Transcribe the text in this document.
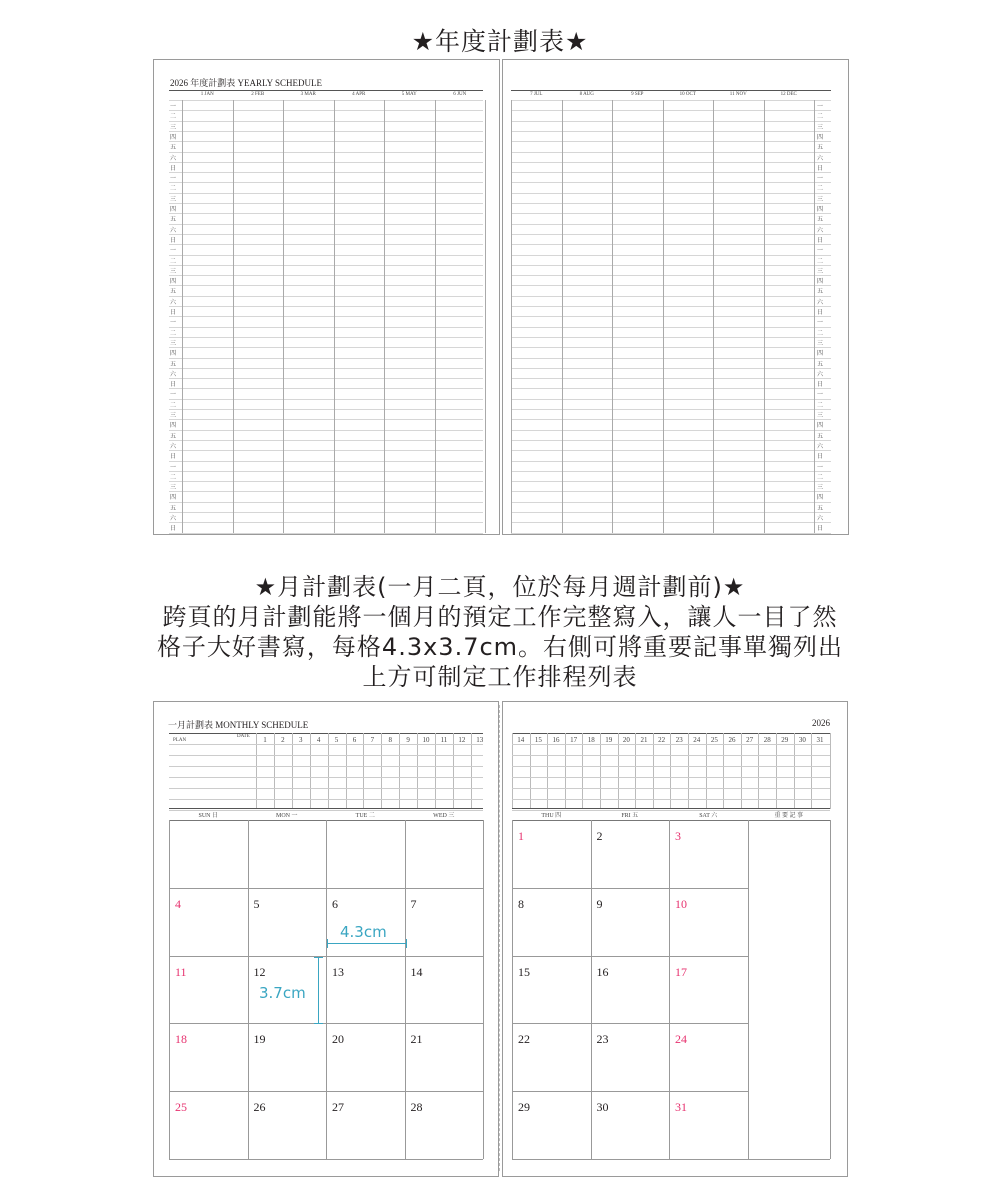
★年度計劃表★
2026 年度計劃表 YEARLY SCHEDULE
1 JAN	2 FEB	3 MAR	4 APR	5 MAY	6 JUN
一
二
三
四
五
六
日
一
二
三
四
五
六
日
一
二
三
四
五
六
日
一
二
三
四
五
六
日
一
二
三
四
五
六
日
一
二
三
四
五
六
日
7 JUL	8 AUG	9 SEP	10 OCT	11 NOV	12 DEC
一
二
三
四
五
六
日
一
二
三
四
五
六
日
一
二
三
四
五
六
日
一
二
三
四
五
六
日
一
二
三
四
五
六
日
一
二
三
四
五
六
日
★月計劃表(一月二頁，位於每月週計劃前)★
跨頁的月計劃能將一個月的預定工作完整寫入，讓人一目了然
格子大好書寫，每格4.3x3.7cm。右側可將重要記事單獨列出
上方可制定工作排程列表
一月計劃表 MONTHLY SCHEDULE
PLAN
DATE	1	2	3	4	5	6	7	8	9	10	11	12	13
SUN 日	MON 一	TUE 二	WED 三
4	5	6	7
11	12	13	14
18	19	20	21
25	26	27	28
2026
14	15	16	17	18	19	20	21	22	23	24	25	26	27	28	29	30	31
THU 四	FRI 五	SAT 六	重 要 記 事
1	2	3
8	9	10
15	16	17
22	23	24
29	30	31
4.3cm
3.7cm
